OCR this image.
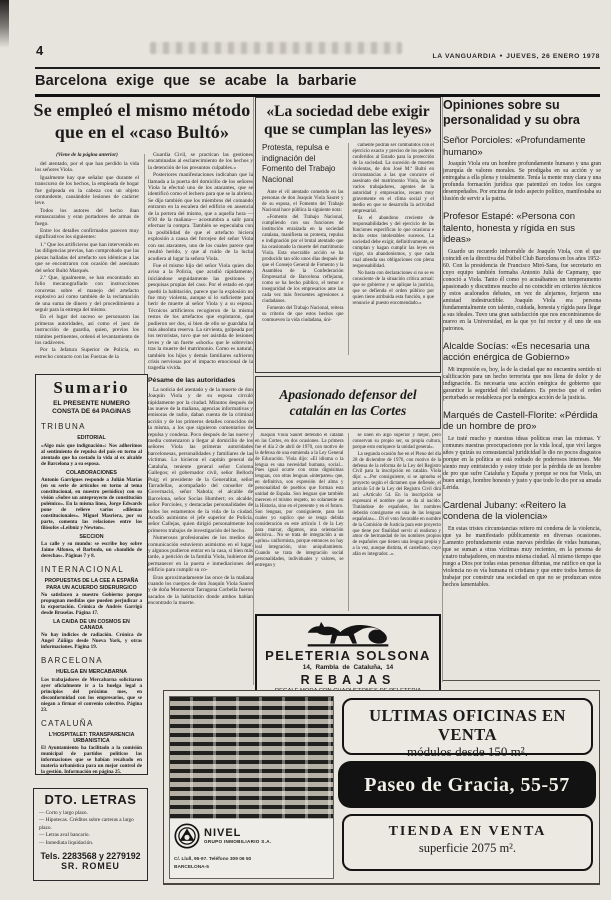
4	LA VANGUARDIA ● JUEVES, 26 ENERO 1978
Barcelona exige que se acabe la barbarie
Se empleó el mismo método
que en el «caso Bultó»
(Viene de la página anterior)

del atentado, por el que han perdido la vida los señores Viola.

Igualmente hay que señalar que durante el transcurso de los hechos, la empleada de hogar fue golpeada en la cabeza con un objeto contundente, causándole lesiones de carácter leve.

Todos los autores del hecho iban enmascarados y eran portadores de armas de fuego.

Entre los detalles confirmados parecen muy significativos los siguientes:

1.º Que los artificieros que han intervenido en las diligencias previas, han comprobado que las piezas halladas del artefacto son idénticas a las que se encontraron con ocasión del asesinato del señor Bultó Marqués.

2.º Que, igualmente, se han encontrado un folio mecanografiado con instrucciones concretas sobre el manejo del artefacto explosivo así como también de la reclamación de una suma de dinero y del procedimiento a seguir para la entrega del mismo.

En el lugar del suceso se personaron las primeras autoridades, así como el juez de instrucción de guardia, quien, previos los trámites pertinentes, ordenó el levantamiento de los cadáveres.

Por la Jefatura Superior de Policía, en estrecho contacto con las Fuerzas de la

Guardia Civil, se practican las gestiones encaminadas al esclarecimiento de los hechos y la detención de los presuntos culpables.»

Posteriores manifestaciones indicaban que la llamada a la puerta del domicilio de los señores Viola la efectuó uno de los atacantes, que se identificó como el lechero para que se la abriera. Se dijo también que los miembros del comando entraron en la escalera del edificio en ausencia de la portera del mismo, que a aquella hora —8'30 de la mañana— acostumbra a salir para efectuar la compra. También se especulaba con la posibilidad de que el artefacto hiciera explosión a causa del forcejeo del señor Viola con sus atacantes, uno de los cuales parece que resultó herido, y que al ruido de la lucha acudiera al lugar la señora Viola.

Fue el mismo hijo del señor Viola quien dio aviso a la Policía, que acudió rápidamente, iniciándose seguidamente las gestiones y pesquisas propias del caso. Por el estado en que quedó la habitación, parece que la explosión no fue muy violenta, aunque sí lo suficiente para herir de muerte al señor Viola y a su esposa. Técnicos artificieros recogieron de la misma restos de los artefactos que explotaron, que pudieron ser dos, si bien de ello se guardaba la más absoluta reserva. La sirvienta, golpeada por los terroristas, tuvo que ser asistida de lesiones leves y de un fuerte «shock» que le sobrevino tras la muerte del matrimonio. Como es natural, también los hijos y demás familiares sufrieron crisis nerviosas por el impacto emocional de la tragedia vivida.

Pésame de las autoridades

La noticia del atentado y de la muerte de don Joaquín Viola y de su esposa circuló rápidamente por la ciudad. Minutos después de las nueve de la mañana, agencias informativas y emisoras de radio, daban cuenta de la criminal acción y de los primeros detalles conocidos de la misma, a los que siguieron comentarios de repulsa y condena. Poco después de las nueve y media comenzaron a llegar al domicilio de los señores Viola las primeras autoridades barcelonesas, personalidades y familiares de las víctimas. Lo hicieron el capitán general de Cataluña, teniente general señor Coloma Gallegos; el gobernador civil, señor Belloch Puig; el presidente de la Generalitat, señor Tarradellas, acompañado del conseller de Governació, señor Nahola; el alcalde de Barcelona, señor Socías Humbert; ex alcalde, señor Porcioles, y destacadas personalidades de todos los estamentos de la vida de la ciudad. Acudió asimismo el jefe superior de Policía, señor Callejas, quien dirigió personalmente los primeros trabajos de investigación del hecho.

Numerosos profesionales de los medios de comunicación estuvieron asimismo en el lugar, y algunos pudieron entrar en la casa, si bien más tarde, a petición de la familia Viola, hubieron de permanecer en la puerta e inmediaciones del edificio para cumplir su co-

Eran aproximadamente las once de la mañana cuando los cuerpos de don Joaquín Viola Sauret y de doña Montserrat Tarragona Corbella fueron sacados de la habitación donde ambos habían encontrado la muerte.

Sumario
EL PRESENTE NUMERO CONSTA DE 64 PAGINAS
TRIBUNA
EDITORIAL
«Algo más que indignación»: Nos adherimos al sentimiento de repulsa del país en torno al atentado que ha costado la vida al ex alcalde de Barcelona y a su esposa.
COLABORACIONES
Antonio Garrigues responde a Julián Marías (en su serie de artículos en torno al tema constitucional, en nuestro periódico) con su visión «Sobre un anteproyecto de constitución polémico». En la misma línea, Jorge Edwards pone de relieve varios «dilemas constitucionales». Miguel Masriera, por su parte, comenta las relaciones entre los filósofos «Leibniz y Newton».
SECCION
La calle y su mundo: se escribe hoy sobre Jaime Alfonso, el Barbudo, un «bandido de derechas». Páginas 7 y 8.
INTERNACIONAL
PROPUESTAS DE LA CEE A ESPAÑA PARA UN ACUERDO SIDERURGICO
No satisfacen a nuestro Gobierno porque propugnan medidas que pueden perjudicar a la exportación. Crónica de Andrés Garrigó desde Bruselas. Página 17.
LA CAIDA DE UN COSMOS EN CANADA
No hay indicios de radiación. Crónica de Angel Zúñiga desde Nueva York, y otras informaciones. Página 19.
BARCELONA
HUELGA EN MERCABARNA
Los trabajadores de Mercabarna solicitaron ayer oficialmente ir a la huelga legal a principios del próximo mes, en disconformidad con los empresarios, que se niegan a firmar el convenio colectivo. Página 23.
CATALUÑA
L'HOSPITALET: TRANSPARENCIA URBANISTICA
El Ayuntamiento ha facilitado a la comisión municipal de partidos políticos las informaciones que se habían recabado en materia urbanística para un mejor control de la gestión. Información en página 25.
DTO. LETRAS
— Corto y largo plazo.
— Hipotecas. Créditos sobre carteras a largo plazo.
— Letras aval bancario.
— Inmediata liquidación.
Tels. 2283568 y 2279192
SR. ROMEU
«La sociedad debe exigir
que se cumplan las leyes»
Protesta, repulsa e indignación del Fomento del Trabajo Nacional

Ante el vil atentado cometido en las personas de don Joaquín Viola Sauret y de su esposa, el Fomento del Trabajo Nacional hace pública la siguiente nota:

«Fomento del Trabajo Nacional, cumpliendo con sus funciones de institución enraizada en la sociedad catalana, manifiesta su protesta, repulsa e indignación por el brutal atentado que ha ocasionado la muerte del matrimonio Viola. Esta execrable acción se ha producido tan sólo unos días después de que el Consejo General de Fomento y la Asamblea de la Confederación Empresarial de Barcelona reflejaran, como se ha hecho público, el temor e inseguridad de los empresarios ante las cada vez más frecuentes agresiones a ciudadanos.

Fomento del Trabajo Nacional, reitera su criterio de que estos hechos que conmueven la vida ciudadana, úni-

camente podrán ser combatidos con el ejercicio exacto y preciso de los poderes conferidos al Estado para la protección de la sociedad. La sucesión de muertes violentas, de don José M.ª Bultó en circunstancias a las que concurre el asesinato del matrimonio Viola, las de varios trabajadores, agentes de la autoridad y empresarios, recaen muy gravemente en el clima social y el medio en que se desarrolla la actividad empresarial.

Es el abandono creciente de responsabilidades y del ejercicio de las funciones específicas lo que ocasiona e incita estos intolerables sucesos. La sociedad debe exigir, definitivamente, se cumplan y hagan cumplir las leyes en vigor, sin abandonismos, y que cada cual atienda sus obligaciones con plena responsabilidad.

No basta con declaraciones si no se es consciente de la situación crítica actual: que se gobierne y se aplique la justicia, que se defienda el orden público por quien tiene atribuida esta función, o que renuncie al puesto encomendado.»

Apasionado defensor del
catalán en las Cortes

Joaquín Viola Sauret defendió el catalán en las Cortes, en dos ocasiones. La primera fue el día 2 de abril de 1970, con motivo de la defensa de una enmienda a la Ley General de Educación. Viola dijo: «El idioma o la lengua es una necesidad humana, social... Pues igual ocurre con otras dignísimas lenguas, con otras lenguas «interpares» que, en definitiva, son expresión del alma y personalidad de pueblos que forman esta unidad de España. Son lenguas que también merecen el mismo respeto, no solamente en la Historia, sino en el presente y en el futuro. Son lenguas, por consiguiente, para las cuales yo suplico que se tenga debida consideración en este artículo 1 de la Ley para marcar, digamos, una orientación decisiva... No se trata de integración a un «prius» uniformista, porque entonces no hay leal integración, sino aniquilamiento. Cuando se trata de integración social personalidades, individuales y valores, se entregan y

se unen en algo superior y mejor, pero conservan su propio ser, su propia cultura, porque esto enriquece la unidad general».

La segunda ocasión fue en el Pleno del día 28 de diciembre de 1976, con motivo de la defensa de la reforma de la Ley del Registro Civil para la inscripción en catalán. Viola dijo: «...Por consiguiente, si se aprueba el proyecto según el dictamen que defiende, el artículo 54 de la Ley del Registro Civil dirá así: «Artículo 54. En la inscripción se expresará el nombre que se da al nacido. Tratándose de españoles, los nombres deberán consignarse en una de las lenguas españolas»... Di el voto favorable en nombre de la Comisión de Justicia para este proyecto que tiene por finalidad servir al realismo y amor de hermandad de los nombres propios de españoles que tienen una lengua propia y a la vez, aunque distinta, el castellano, cuyo afán es integrador...».

PELETERIA SOLSONA
14, Rambla de Cataluña, 14
REBAJAS
Opiniones sobre su
personalidad y su obra
Señor Porcioles: «Profundamente humano»

Joaquín Viola era un hombre profundamente humano y una gran jerarquía de valores morales. Se prodigaba en su acción y se entregaba a ella plena y totalmente. Tenía la mente muy clara y una profunda formación jurídica que patentizó en todos los cargos desempeñados. Por encima de todo aspecto político, manifestaba su ilusión de servir a la patria.

Profesor Estapé: «Persona con talento, honesta y rígida en sus ideas»

Guardo un recuerdo imborrable de Joaquín Viola, con el que coincidí en la directiva del Fútbol Club Barcelona en los años 1952-60. Con la presidencia de Francisco Miró-Sans, fue secretario en cuyo equipo también formaba Antonio Julià de Capmany, que conoció a Viola. Tanto él como yo acusábamos un temperamento apasionado y discutimos mucho al no coincidir en criterios técnicos y estos acalorados debates, en vez de alejarnos, forjaron una amistad indestructible. Joaquín Viola era persona fundamentalmente con talento, cuidada, honesta y rígida para llegar a sus ideales. Tuvo una gran satisfacción que nos encontráramos de nuevo en la Universidad, en la que yo fui rector y él uno de sus patronos.

Alcalde Socías: «Es necesaria una acción enérgica de Gobierno»

Mi impresión es, hoy, la de la ciudad que no encuentra sentido ni calificación para un hecho terrorista que nos llena de dolor y de indignación. Es necesaria una acción enérgica de gobierno que garantice la seguridad del ciudadano. Es preciso que el orden perturbado se restablezca por la enérgica acción de la justicia.

Marqués de Castell-Florite: «Pérdida de un hombre de pro»

Le traté mucho y nuestras ideas políticas eran las mismas. Y comunes nuestras preocupaciones por la vida local, que viví largos años y quizás su consustancial juridicidad le dio no pocos disgustos porque en la política se está rodeado de poderosos intereses. Me siento muy entristecido y estoy triste por la pérdida de un hombre de pro que sufre Cataluña y España y porque se nos fue Viola, un buen amigo, hombre honesto y justo y que todo lo dio por su amada Lérida.

Cardenal Jubany: «Reitero la condena de la violencia»

En estas tristes circunstancias reitero mi condena de la violencia, que ya he manifestado públicamente en diversas ocasiones. Lamento profundamente estas nuevas pérdidas de vidas humanas, que se suman a otras víctimas muy recientes, en la persona de cuatro trabajadores, en nuestra misma ciudad. Al mismo tiempo que ruego a Dios por todas estas personas difuntas, me ratifico en que la violencia no es vía humana ni cristiana y que entre todos hemos de trabajar por construir una sociedad en que no se produzcan estos hechos lamentables.

NIVEL
GRUPO INMOBILIARIO S.A.
C/. Llull, 95-97. Teléfono 309 06 50
BARCELONA-5
ULTIMAS OFICINAS EN VENTA
módulos desde 150 m².
Paseo de Gracia, 55-57
TIENDA EN VENTA
superficie 2075 m².
